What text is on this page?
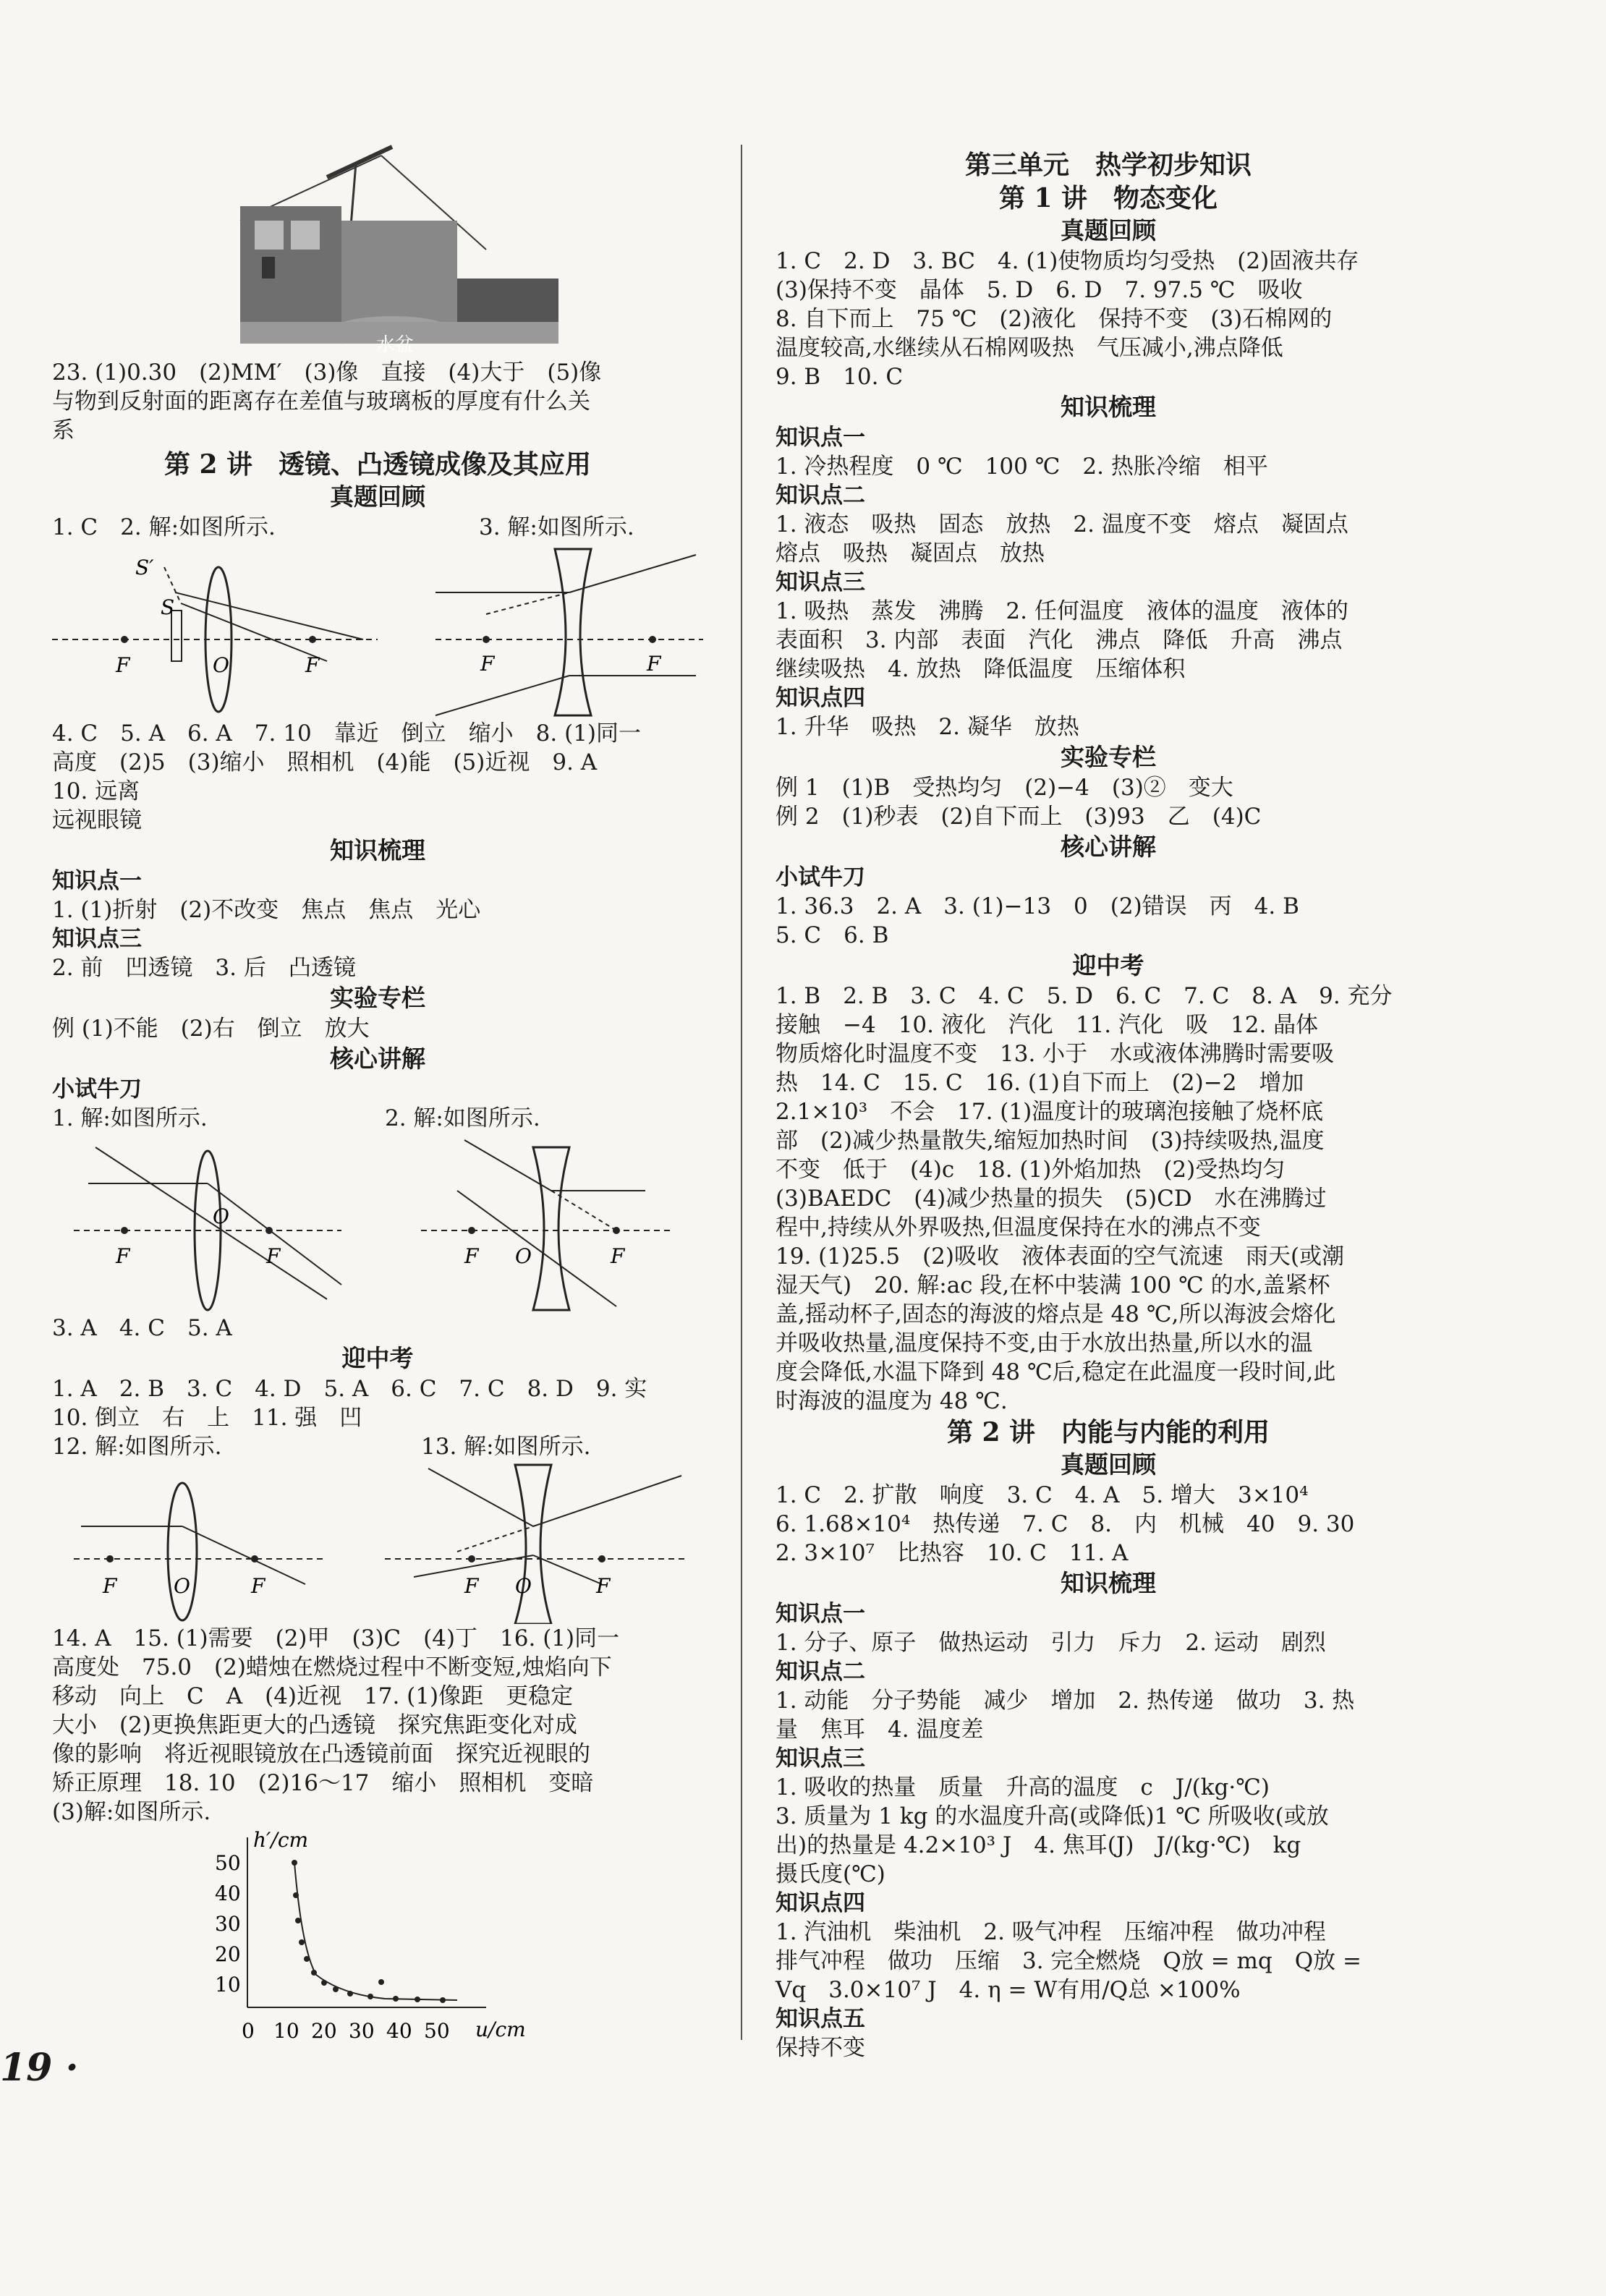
水盆
23. (1)0.30　(2)MM′　(3)像　直接　(4)大于　(5)像
与物到反射面的距离存在差值与玻璃板的厚度有什么关
系
第 2 讲　透镜、凸透镜成像及其应用
真题回顾
1. C　2. 解:如图所示.	3. 解:如图所示.
S′
S
F	O	F	F	F
4. C　5. A　6. A　7. 10　靠近　倒立　缩小　8. (1)同一
高度　(2)5　(3)缩小　照相机　(4)能　(5)近视　9. A
10. 远离
远视眼镜
知识梳理
知识点一
1. (1)折射　(2)不改变　焦点　焦点　光心
知识点三
2. 前　凹透镜　3. 后　凸透镜
实验专栏
例 (1)不能　(2)右　倒立　放大
核心讲解
小试牛刀
1. 解:如图所示.	2. 解:如图所示.
F
O
F	F O	F
3. A　4. C　5. A
迎中考
1. A　2. B　3. C　4. D　5. A　6. C　7. C　8. D　9. 实
10. 倒立　右　上　11. 强　凹
12. 解:如图所示.	13. 解:如图所示.
F	O	F	F O	F
14. A　15. (1)需要　(2)甲　(3)C　(4)丁　16. (1)同一
高度处　75.0　(2)蜡烛在燃烧过程中不断变短,烛焰向下
移动　向上　C　A　(4)近视　17. (1)像距　更稳定
大小　(2)更换焦距更大的凸透镜　探究焦距变化对成
像的影响　将近视眼镜放在凸透镜前面　探究近视眼的
矫正原理　18. 10　(2)16～17　缩小　照相机　变暗
(3)解:如图所示.
h′/cm
u/cm
50
40
30
20
10
0 10 20 30 40 50
第三单元　热学初步知识
第 1 讲　物态变化
真题回顾
1. C　2. D　3. BC　4. (1)使物质均匀受热　(2)固液共存
(3)保持不变　晶体　5. D　6. D　7. 97.5 ℃　吸收
8. 自下而上　75 ℃　(2)液化　保持不变　(3)石棉网的
温度较高,水继续从石棉网吸热　气压减小,沸点降低
9. B　10. C
知识梳理
知识点一
1. 冷热程度　0 ℃　100 ℃　2. 热胀冷缩　相平
知识点二
1. 液态　吸热　固态　放热　2. 温度不变　熔点　凝固点
熔点　吸热　凝固点　放热
知识点三
1. 吸热　蒸发　沸腾　2. 任何温度　液体的温度　液体的
表面积　3. 内部　表面　汽化　沸点　降低　升高　沸点
继续吸热　4. 放热　降低温度　压缩体积
知识点四
1. 升华　吸热　2. 凝华　放热
实验专栏
例 1　(1)B　受热均匀　(2)−4　(3)②　变大
例 2　(1)秒表　(2)自下而上　(3)93　乙　(4)C
核心讲解
小试牛刀
1. 36.3　2. A　3. (1)−13　0　(2)错误　丙　4. B
5. C　6. B
迎中考
1. B　2. B　3. C　4. C　5. D　6. C　7. C　8. A　9. 充分
接触　−4　10. 液化　汽化　11. 汽化　吸　12. 晶体
物质熔化时温度不变　13. 小于　水或液体沸腾时需要吸
热　14. C　15. C　16. (1)自下而上　(2)−2　增加
2.1×10³　不会　17. (1)温度计的玻璃泡接触了烧杯底
部　(2)减少热量散失,缩短加热时间　(3)持续吸热,温度
不变　低于　(4)c　18. (1)外焰加热　(2)受热均匀
(3)BAEDC　(4)减少热量的损失　(5)CD　水在沸腾过
程中,持续从外界吸热,但温度保持在水的沸点不变
19. (1)25.5　(2)吸收　液体表面的空气流速　雨天(或潮
湿天气)　20. 解:ac 段,在杯中装满 100 ℃ 的水,盖紧杯
盖,摇动杯子,固态的海波的熔点是 48 ℃,所以海波会熔化
并吸收热量,温度保持不变,由于水放出热量,所以水的温
度会降低,水温下降到 48 ℃后,稳定在此温度一段时间,此
时海波的温度为 48 ℃.
第 2 讲　内能与内能的利用
真题回顾
1. C　2. 扩散　响度　3. C　4. A　5. 增大　3×10⁴
6. 1.68×10⁴　热传递　7. C　8.　内　机械　40　9. 30
2. 3×10⁷　比热容　10. C　11. A
知识梳理
知识点一
1. 分子、原子　做热运动　引力　斥力　2. 运动　剧烈
知识点二
1. 动能　分子势能　减少　增加　2. 热传递　做功　3. 热
量　焦耳　4. 温度差
知识点三
1. 吸收的热量　质量　升高的温度　c　J/(kg·℃)
3. 质量为 1 kg 的水温度升高(或降低)1 ℃ 所吸收(或放
出)的热量是 4.2×10³ J　4. 焦耳(J)　J/(kg·℃)　kg
摄氏度(℃)
知识点四
1. 汽油机　柴油机　2. 吸气冲程　压缩冲程　做功冲程
排气冲程　做功　压缩　3. 完全燃烧　Q放 = mq　Q放 =
Vq　3.0×10⁷ J　4. η = W有用/Q总 ×100%
知识点五
保持不变
19 ·
